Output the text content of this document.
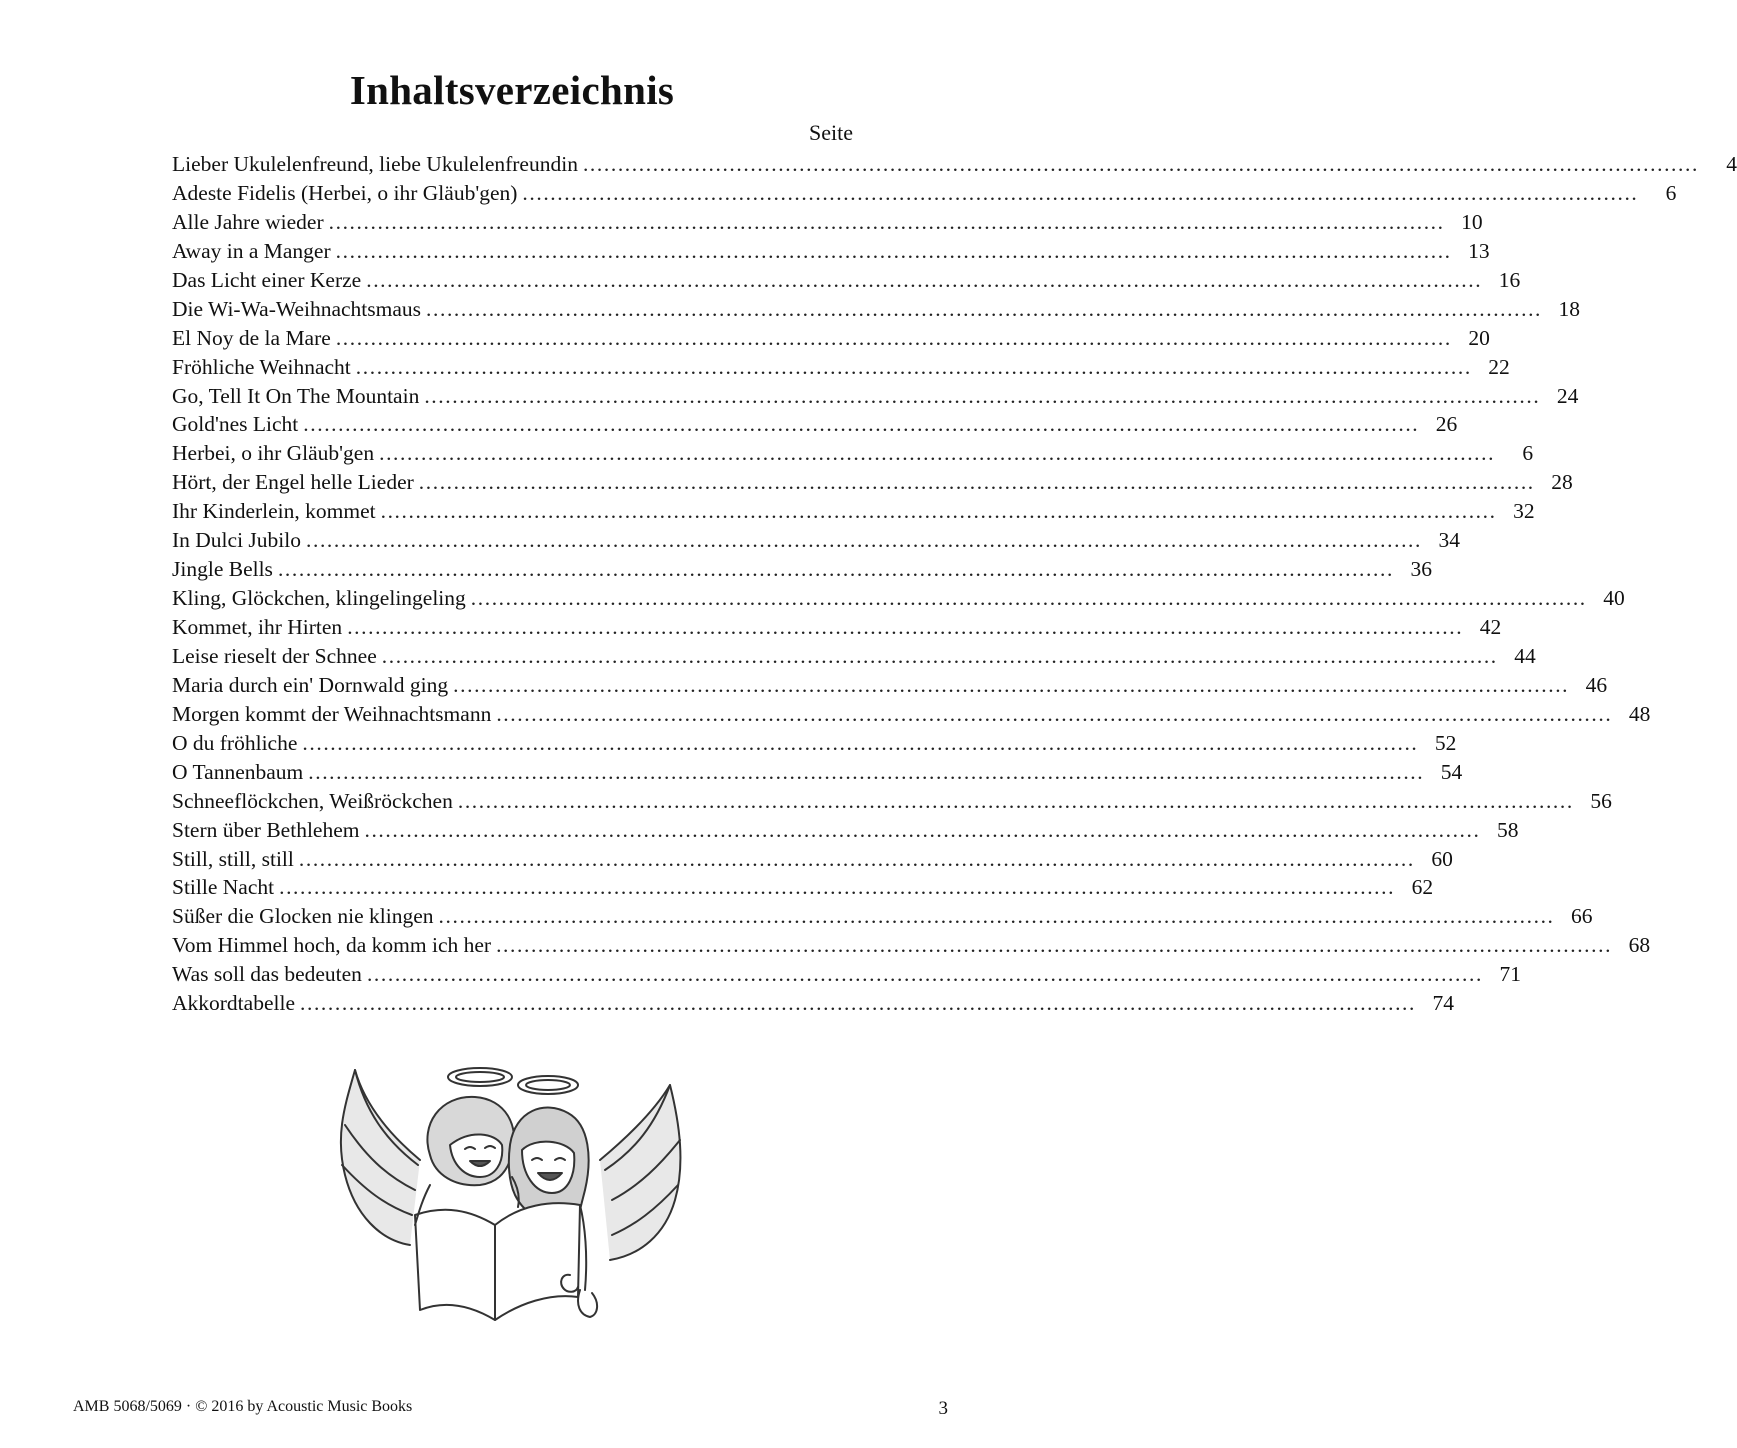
Inhaltsverzeichnis
Seite
Lieber Ukulelenfreund, liebe Ukulelenfreundin ................................................................................................................................................................	4
Adeste Fidelis (Herbei, o ihr Gläub'gen) ................................................................................................................................................................	6
Alle Jahre wieder ................................................................................................................................................................ 10
Away in a Manger ................................................................................................................................................................ 13
Das Licht einer Kerze ................................................................................................................................................................ 16
Die Wi-Wa-Weihnachtsmaus ................................................................................................................................................................ 18
El Noy de la Mare ................................................................................................................................................................ 20
Fröhliche Weihnacht ................................................................................................................................................................ 22
Go, Tell It On The Mountain ................................................................................................................................................................ 24
Gold'nes Licht ................................................................................................................................................................ 26
Herbei, o ihr Gläub'gen ................................................................................................................................................................	6
Hört, der Engel helle Lieder ................................................................................................................................................................ 28
Ihr Kinderlein, kommet ................................................................................................................................................................ 32
In Dulci Jubilo ................................................................................................................................................................ 34
Jingle Bells ................................................................................................................................................................ 36
Kling, Glöckchen, klingelingeling ................................................................................................................................................................ 40
Kommet, ihr Hirten ................................................................................................................................................................ 42
Leise rieselt der Schnee ................................................................................................................................................................ 44
Maria durch ein' Dornwald ging ................................................................................................................................................................ 46
Morgen kommt der Weihnachtsmann ................................................................................................................................................................ 48
O du fröhliche ................................................................................................................................................................ 52
O Tannenbaum ................................................................................................................................................................ 54
Schneeflöckchen, Weißröckchen ................................................................................................................................................................ 56
Stern über Bethlehem ................................................................................................................................................................ 58
Still, still, still ................................................................................................................................................................ 60
Stille Nacht ................................................................................................................................................................ 62
Süßer die Glocken nie klingen ................................................................................................................................................................ 66
Vom Himmel hoch, da komm ich her ................................................................................................................................................................ 68
Was soll das bedeuten ................................................................................................................................................................ 71
Akkordtabelle ................................................................................................................................................................ 74
AMB 5068/5069 · © 2016 by Acoustic Music Books	3
